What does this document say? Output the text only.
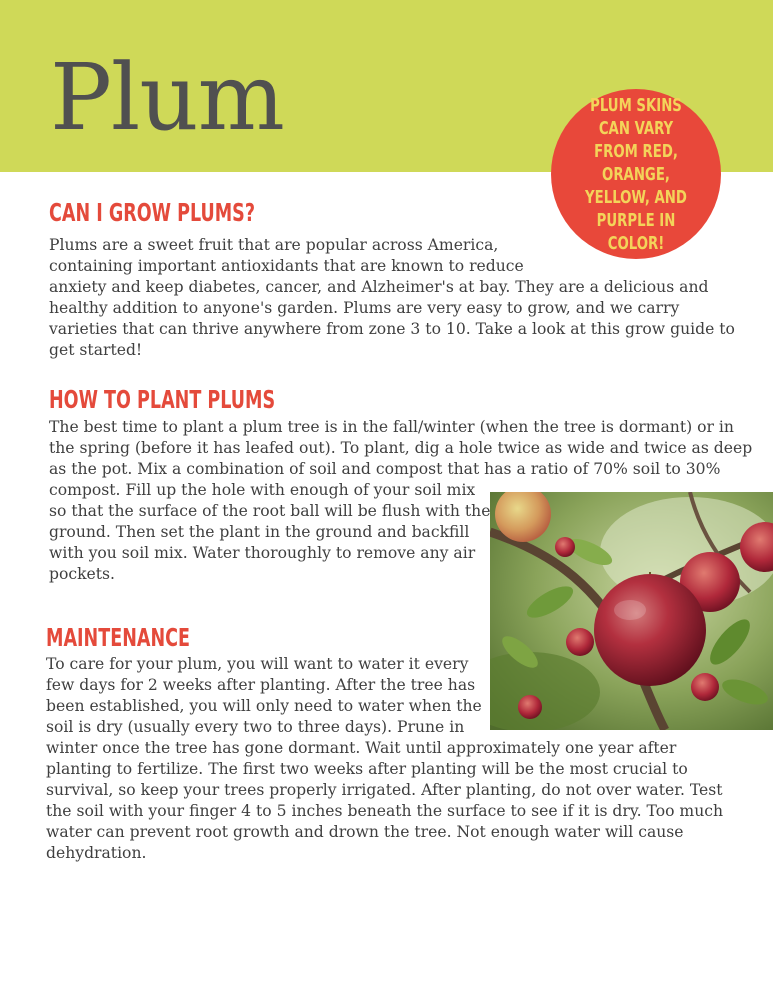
Plum
CAN I GROW PLUMS?

Plums are a sweet fruit that are popular across America,
containing important antioxidants that are known to reduce
anxiety and keep diabetes, cancer, and Alzheimer's at bay. They are a delicious and
healthy addition to anyone's garden. Plums are very easy to grow, and we carry
varieties that can thrive anywhere from zone 3 to 10. Take a look at this grow guide to
get started!

PLUM SKINS CAN VARY FROM RED, ORANGE, YELLOW, AND PURPLE IN COLOR!
HOW TO PLANT PLUMS

The best time to plant a plum tree is in the fall/winter (when the tree is dormant) or in
the spring (before it has leafed out). To plant, dig a hole twice as wide and twice as deep
as the pot. Mix a combination of soil and compost that has a ratio of 70% soil to 30%
compost. Fill up the hole with enough of your soil mix
so that the surface of the root ball will be flush with the
ground. Then set the plant in the ground and backfill
with you soil mix. Water thoroughly to remove any air
pockets.

MAINTENANCE

To care for your plum, you will want to water it every
few days for 2 weeks after planting. After the tree has
been established, you will only need to water when the
soil is dry (usually every two to three days). Prune in
winter once the tree has gone dormant. Wait until approximately one year after
planting to fertilize. The first two weeks after planting will be the most crucial to
survival, so keep your trees properly irrigated. After planting, do not over water. Test
the soil with your finger 4 to 5 inches beneath the surface to see if it is dry. Too much
water can prevent root growth and drown the tree. Not enough water will cause
dehydration.
